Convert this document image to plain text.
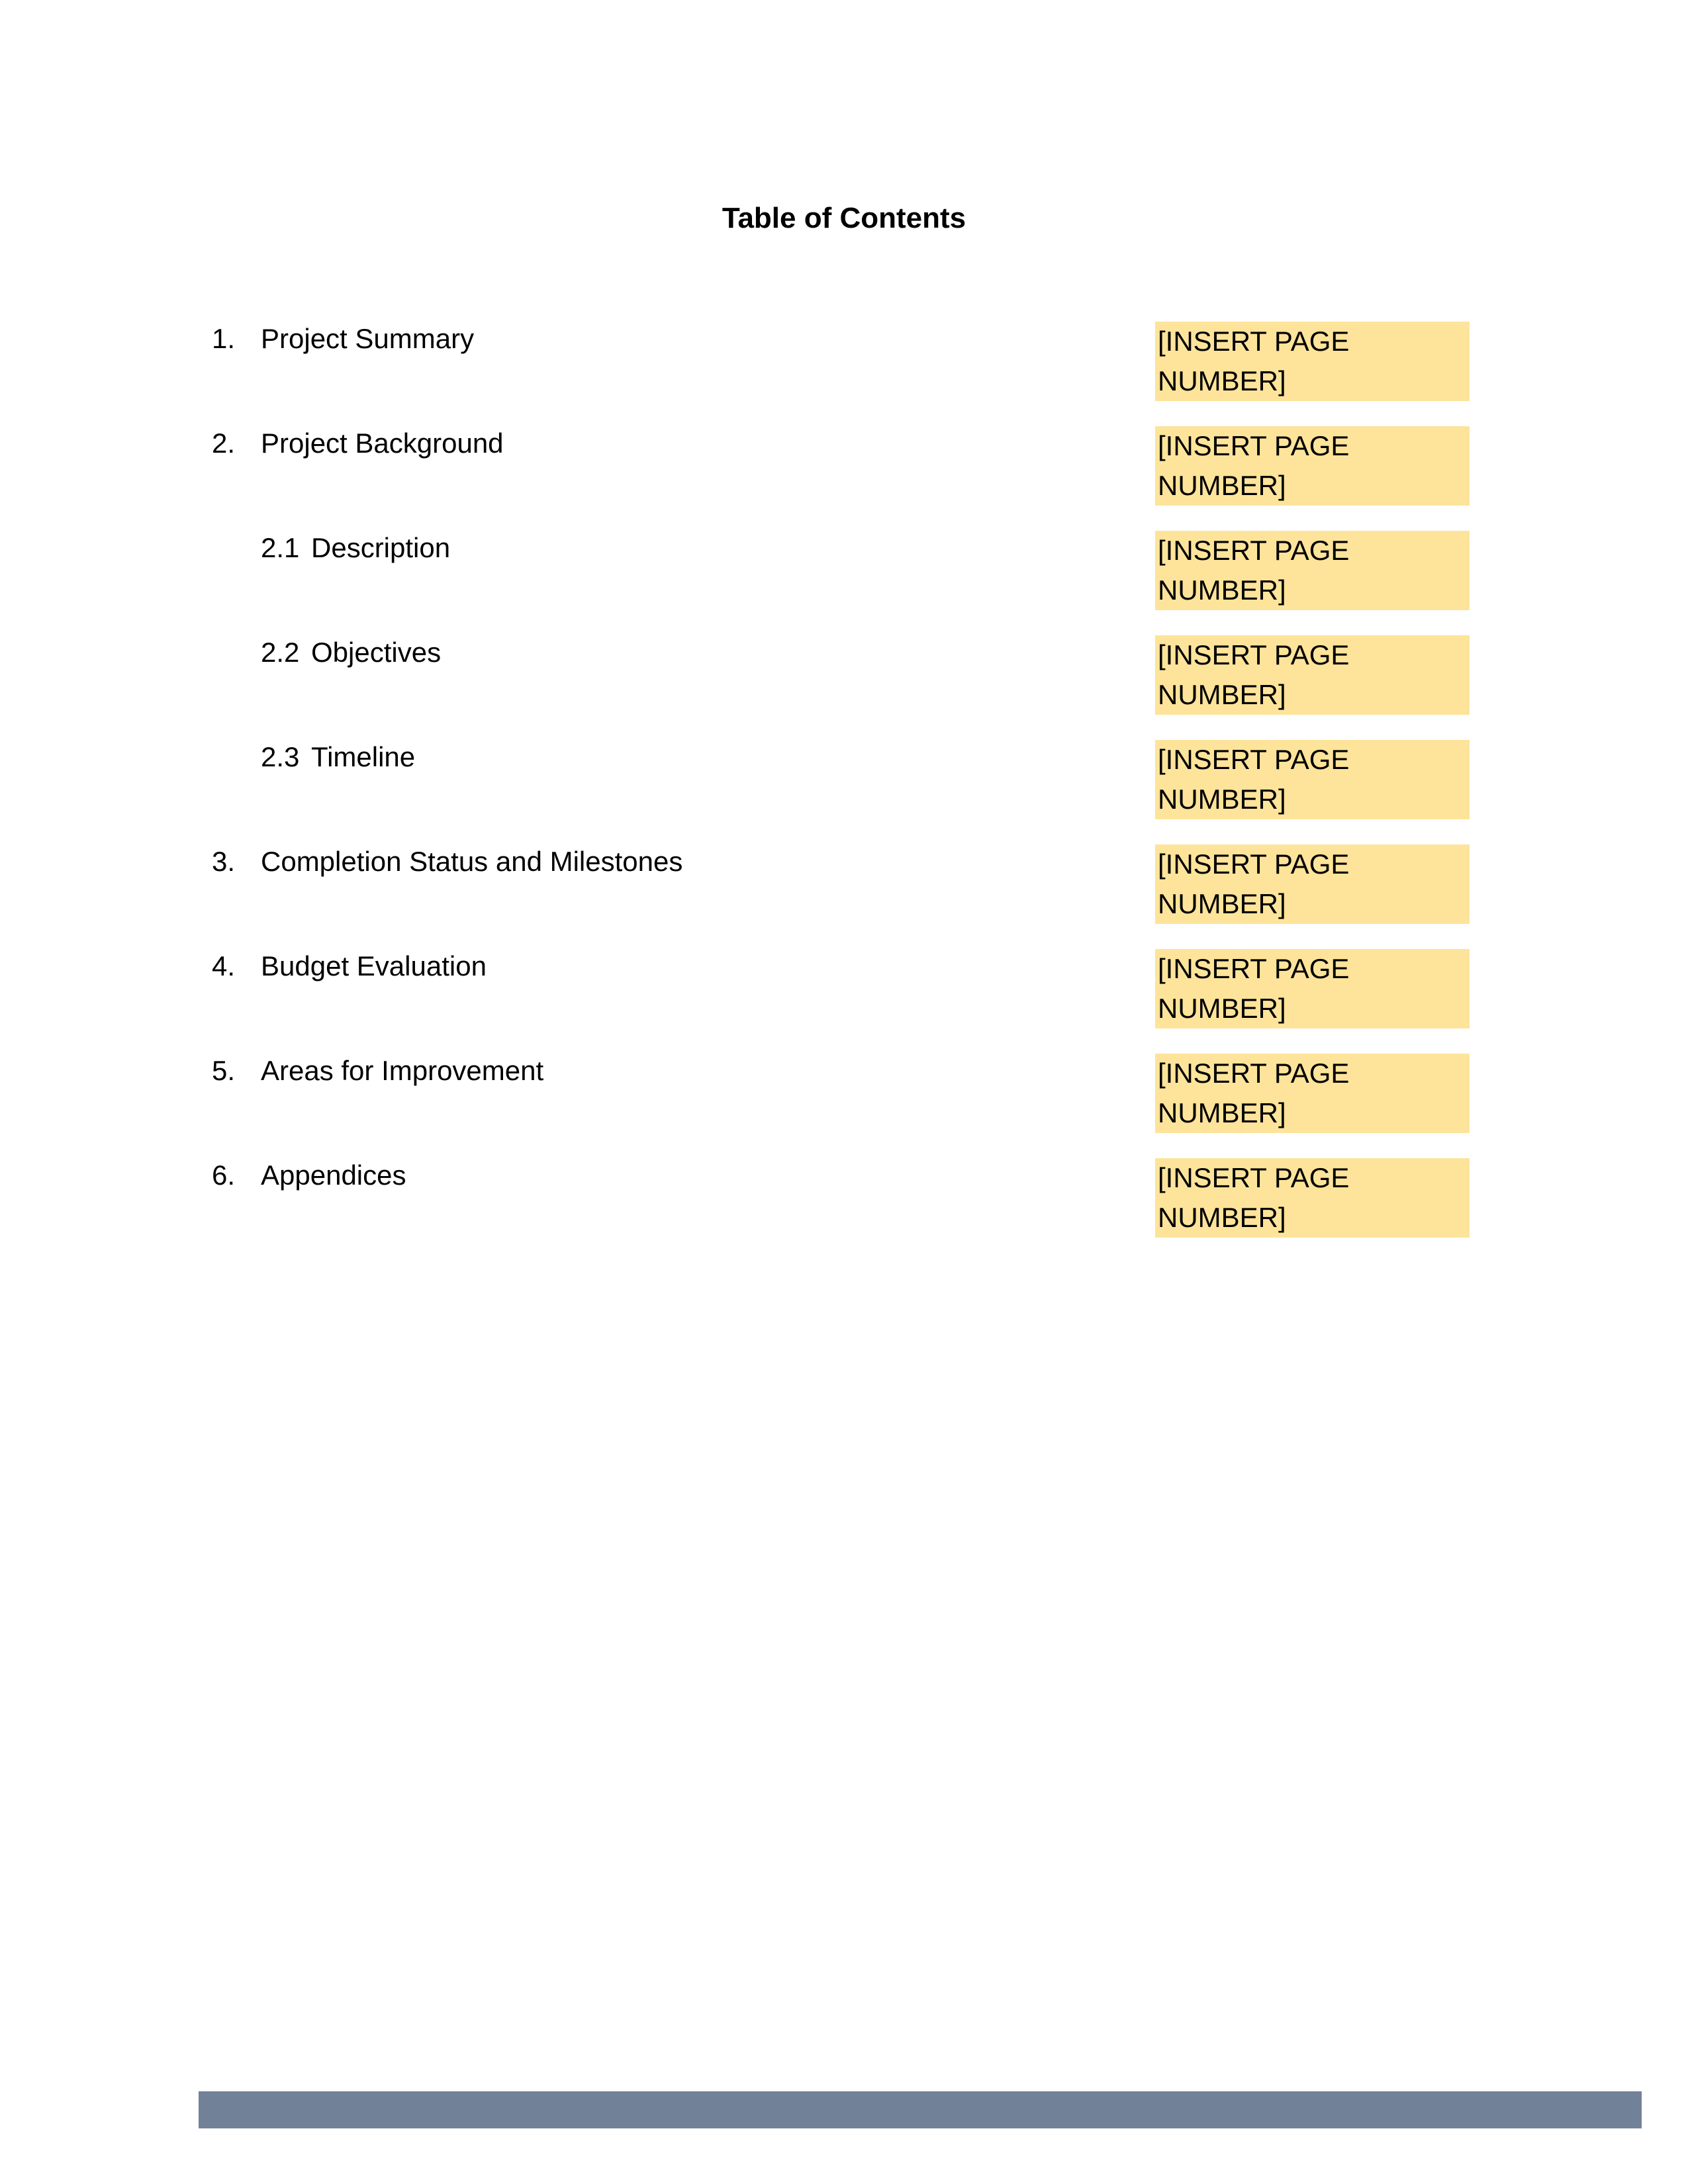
Table of Contents
1. Project Summary	[INSERT PAGE NUMBER]
2. Project Background	[INSERT PAGE NUMBER]
2.1 Description	[INSERT PAGE NUMBER]
2.2 Objectives	[INSERT PAGE NUMBER]
2.3 Timeline	[INSERT PAGE NUMBER]
3. Completion Status and Milestones	[INSERT PAGE NUMBER]
4. Budget Evaluation	[INSERT PAGE NUMBER]
5. Areas for Improvement	[INSERT PAGE NUMBER]
6. Appendices	[INSERT PAGE NUMBER]
